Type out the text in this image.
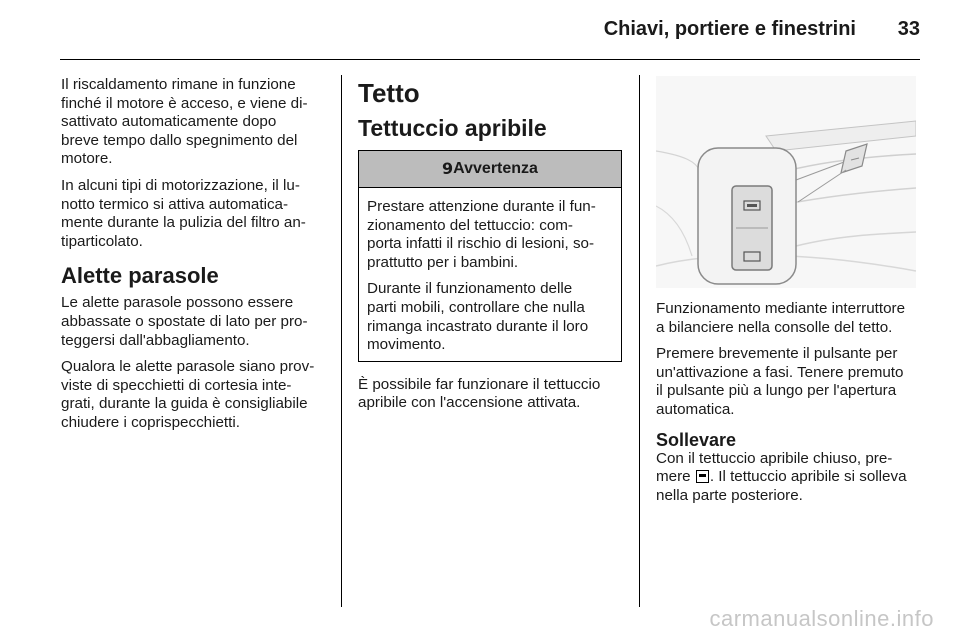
Chiavi, portiere e finestrini 33

Il riscaldamento rimane in funzione
finché il motore è acceso, e viene di-
sattivato automaticamente dopo
breve tempo dallo spegnimento del
motore.

In alcuni tipi di motorizzazione, il lu-
notto termico si attiva automatica-
mente durante la pulizia del filtro an-
tiparticolato.

Alette parasole

Le alette parasole possono essere
abbassate o spostate di lato per pro-
teggersi dall'abbagliamento.

Qualora le alette parasole siano prov-
viste di specchietti di cortesia inte-
grati, durante la guida è consigliabile
chiudere i coprispecchietti.

Tetto
Tettuccio apribile
9 Avvertenza

Prestare attenzione durante il fun-
zionamento del tettuccio: com-
porta infatti il rischio di lesioni, so-
prattutto per i bambini.

Durante il funzionamento delle
parti mobili, controllare che nulla
rimanga incastrato durante il loro
movimento.

È possibile far funzionare il tettuccio
apribile con l'accensione attivata.

Funzionamento mediante interruttore
a bilanciere nella consolle del tetto.

Premere brevemente il pulsante per
un'attivazione a fasi. Tenere premuto
il pulsante più a lungo per l'apertura
automatica.

Sollevare

Con il tettuccio apribile chiuso, pre-
mere . Il tettuccio apribile si solleva
nella parte posteriore.

carmanualsonline.info
